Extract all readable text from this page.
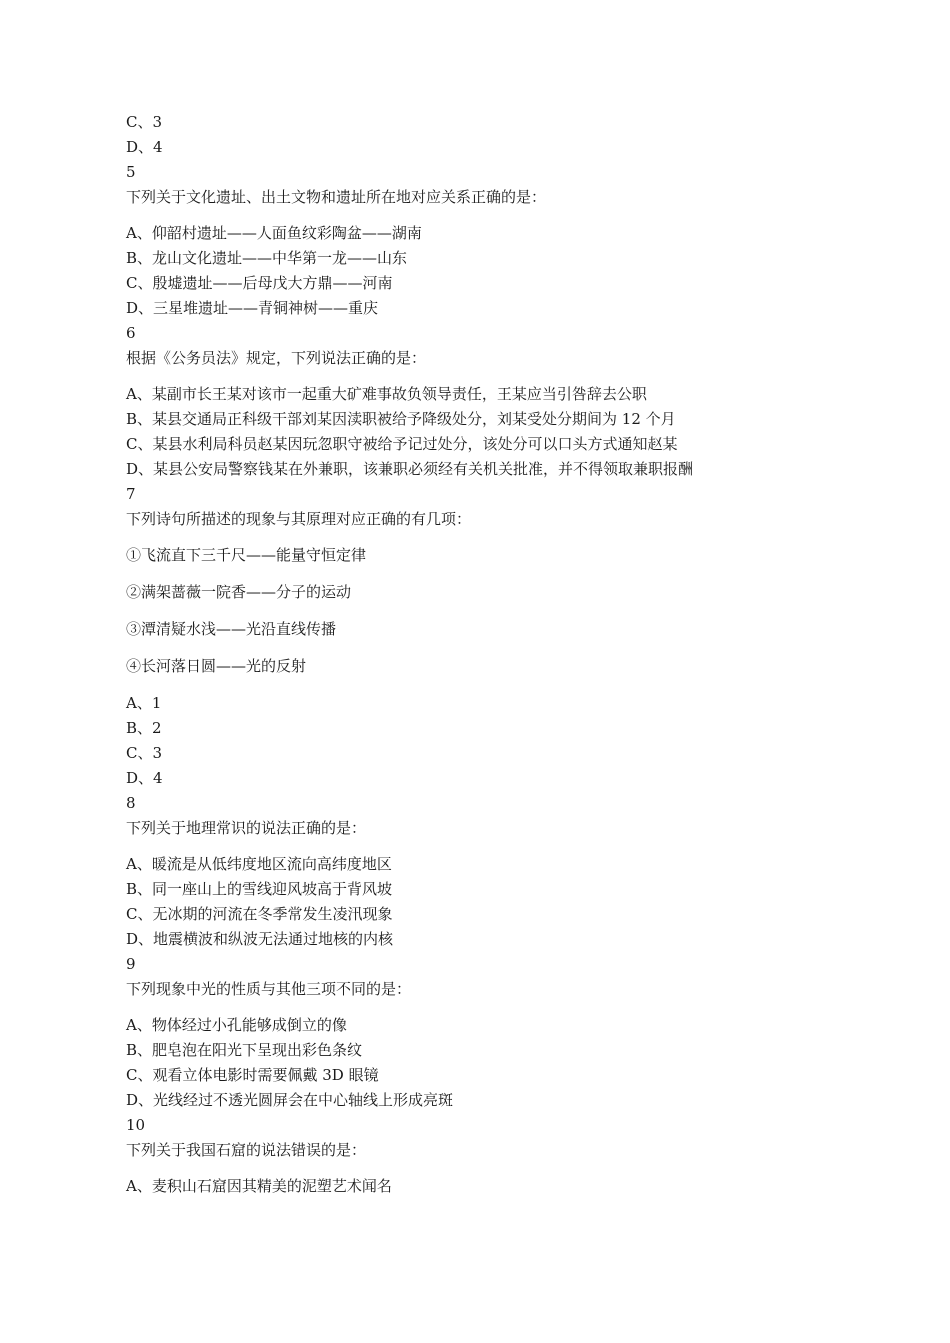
C、3
D、4
5
下列关于文化遗址、出土文物和遗址所在地对应关系正确的是：
A、仰韶村遗址——人面鱼纹彩陶盆——湖南
B、龙山文化遗址——中华第一龙——山东
C、殷墟遗址——后母戊大方鼎——河南
D、三星堆遗址——青铜神树——重庆
6
根据《公务员法》规定，下列说法正确的是：
A、某副市长王某对该市一起重大矿难事故负领导责任，王某应当引咎辞去公职
B、某县交通局正科级干部刘某因渎职被给予降级处分，刘某受处分期间为 12 个月
C、某县水利局科员赵某因玩忽职守被给予记过处分，该处分可以口头方式通知赵某
D、某县公安局警察钱某在外兼职，该兼职必须经有关机关批准，并不得领取兼职报酬
7
下列诗句所描述的现象与其原理对应正确的有几项：
①飞流直下三千尺——能量守恒定律
②满架蔷薇一院香——分子的运动
③潭清疑水浅——光沿直线传播
④长河落日圆——光的反射
A、1
B、2
C、3
D、4
8
下列关于地理常识的说法正确的是：
A、暖流是从低纬度地区流向高纬度地区
B、同一座山上的雪线迎风坡高于背风坡
C、无冰期的河流在冬季常发生凌汛现象
D、地震横波和纵波无法通过地核的内核
9
下列现象中光的性质与其他三项不同的是：
A、物体经过小孔能够成倒立的像
B、肥皂泡在阳光下呈现出彩色条纹
C、观看立体电影时需要佩戴 3D 眼镜
D、光线经过不透光圆屏会在中心轴线上形成亮斑
10
下列关于我国石窟的说法错误的是：
A、麦积山石窟因其精美的泥塑艺术闻名
